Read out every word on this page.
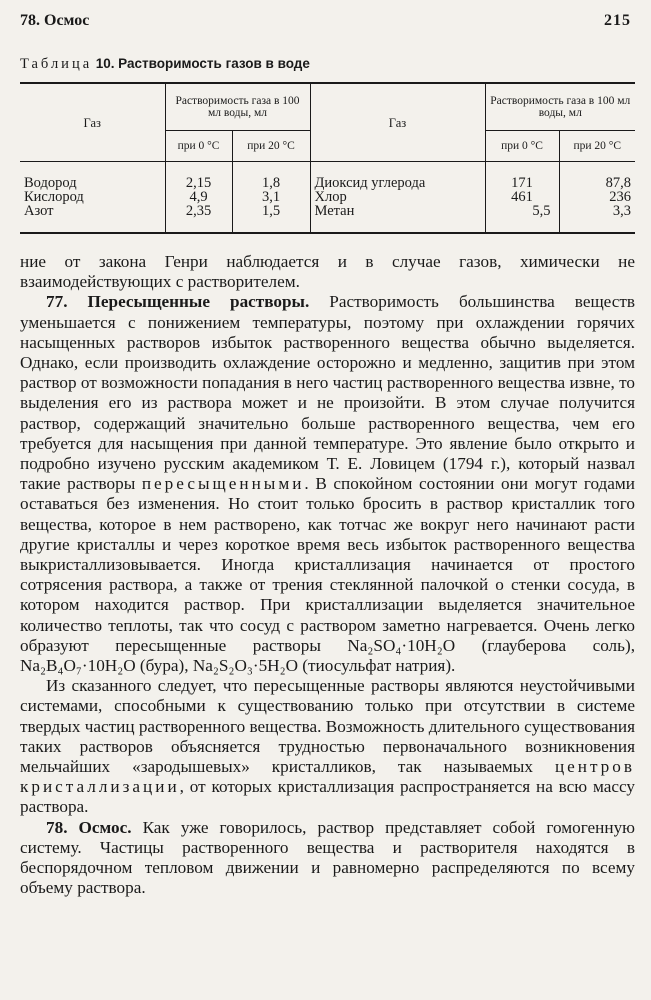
78. Осмос	215
Таблица 10. Растворимость газов в воде
Газ	Растворимость газа в 100 мл воды, мл		Газ	Растворимость газа в 100 мл воды, мл	
	при 0 °С	при 20 °С		при 0 °С	при 20 °С
Водород	2,15	1,8	Диоксид углерода	171	87,8
Кислород	4,9	3,1	Хлор	461	236
Азот	2,35	1,5	Метан	5,5	3,3

ние от закона Генри наблюдается и в случае газов, химически не взаимодействующих с растворителем.

77. Пересыщенные растворы. Растворимость большинства веществ уменьшается с понижением температуры, поэтому при охлаждении горячих насыщенных растворов избыток растворенного вещества обычно выделяется. Однако, если производить охлаждение осторожно и медленно, защитив при этом раствор от возможности попадания в него частиц растворенного вещества извне, то выделения его из раствора может и не произойти. В этом случае получится раствор, содержащий значительно больше растворенного вещества, чем его требуется для насыщения при данной температуре. Это явление было открыто и подробно изучено русским академиком Т. Е. Ловицем (1794 г.), который назвал такие растворы пересыщенными. В спокойном состоянии они могут годами оставаться без изменения. Но стоит только бросить в раствор кристаллик того вещества, которое в нем растворено, как тотчас же вокруг него начинают расти другие кристаллы и через короткое время весь избыток растворенного вещества выкристаллизовывается. Иногда кристаллизация начинается от простого сотрясения раствора, а также от трения стеклянной палочкой о стенки сосуда, в котором находится раствор. При кристаллизации выделяется значительное количество теплоты, так что сосуд с раствором заметно нагревается. Очень легко образуют пересыщенные растворы Na₂SO₄·10H₂O (глауберова соль), Na₂B₄O₇·10H₂O (бура), Na₂S₂O₃·5H₂O (тиосульфат натрия).

Из сказанного следует, что пересыщенные растворы являются неустойчивыми системами, способными к существованию только при отсутствии в системе твердых частиц растворенного вещества. Возможность длительного существования таких растворов объясняется трудностью первоначального возникновения мельчайших «зародышевых» кристалликов, так называемых центров кристаллизации, от которых кристаллизация распространяется на всю массу раствора.

78. Осмос. Как уже говорилось, раствор представляет собой гомогенную систему. Частицы растворенного вещества и растворителя находятся в беспорядочном тепловом движении и равномерно распределяются по всему объему раствора.
